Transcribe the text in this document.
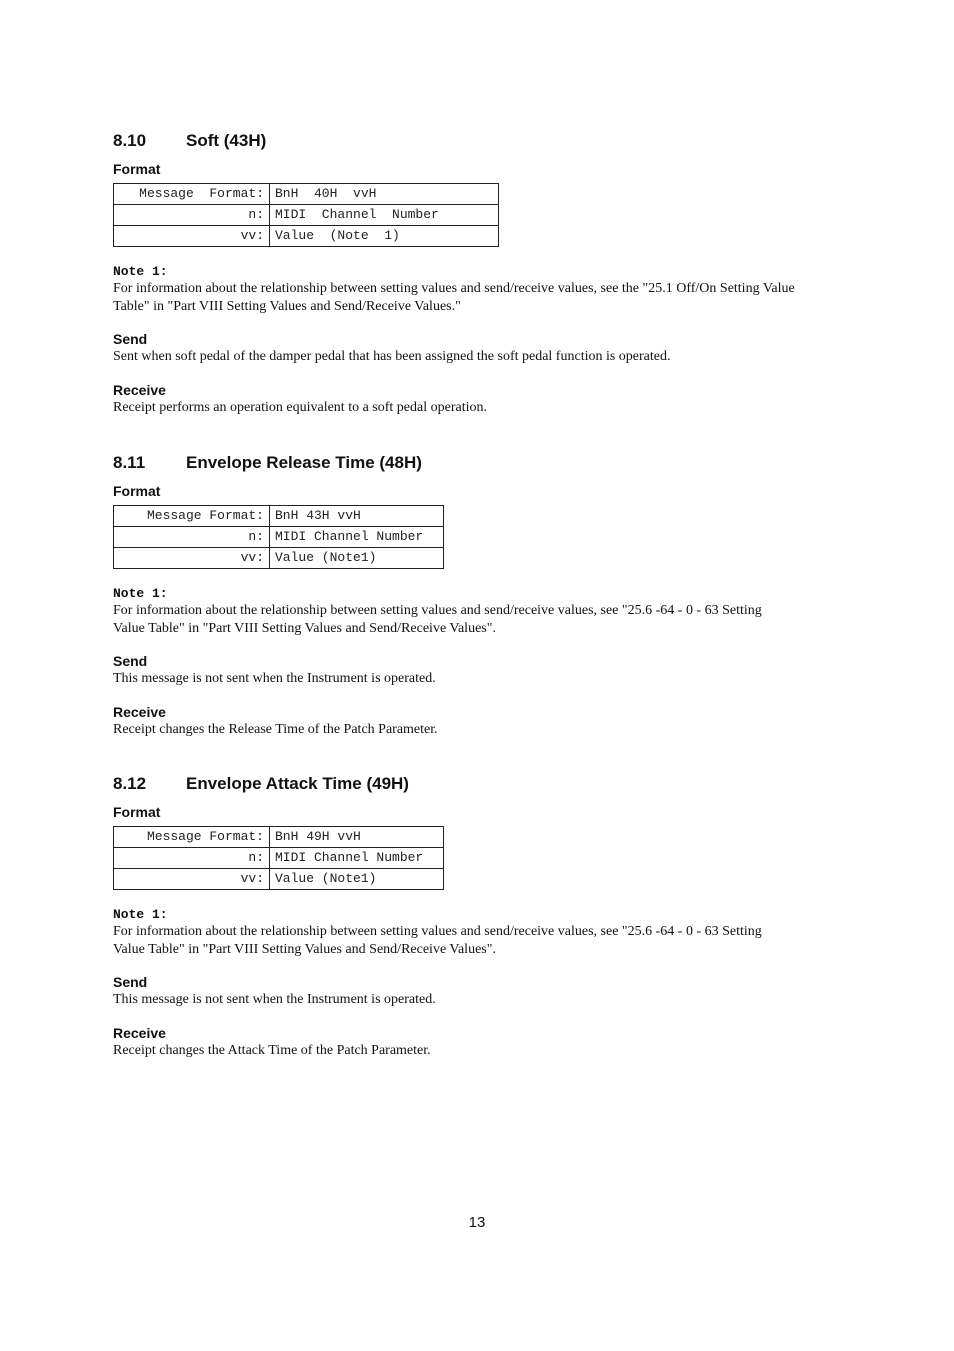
8.10 Soft (43H)
Format
Message  Format:	BnH  40H  vvH
n:	MIDI  Channel  Number
vv:	Value  (Note  1)
Note 1:
For information about the relationship between setting values and send/receive values, see the "25.1 Off/On Setting Value Table" in "Part VIII Setting Values and Send/Receive Values."
Send
Sent when soft pedal of the damper pedal that has been assigned the soft pedal function is operated.
Receive
Receipt performs an operation equivalent to a soft pedal operation.
8.11 Envelope Release Time (48H)
Format
Message Format:	BnH 43H vvH
n:	MIDI Channel Number
vv:	Value (Note1)
Note 1:
For information about the relationship between setting values and send/receive values, see "25.6 -64 - 0 - 63 Setting Value Table" in "Part VIII Setting Values and Send/Receive Values".
Send
This message is not sent when the Instrument is operated.
Receive
Receipt changes the Release Time of the Patch Parameter.
8.12 Envelope Attack Time (49H)
Format
Message Format:	BnH 49H vvH
n:	MIDI Channel Number
vv:	Value (Note1)
Note 1:
For information about the relationship between setting values and send/receive values, see "25.6 -64 - 0 - 63 Setting Value Table" in "Part VIII Setting Values and Send/Receive Values".
Send
This message is not sent when the Instrument is operated.
Receive
Receipt changes the Attack Time of the Patch Parameter.
13
